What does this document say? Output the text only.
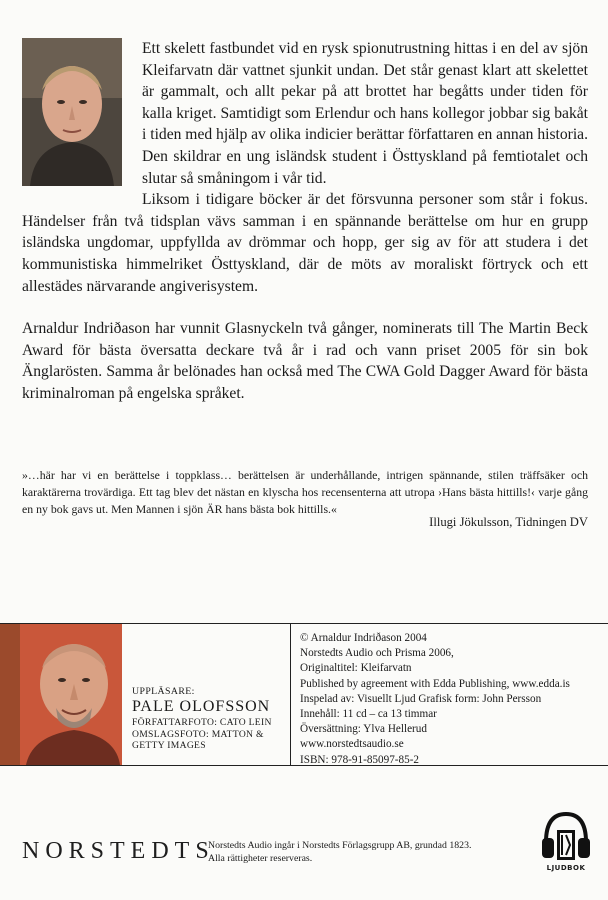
Ett skelett fastbundet vid en rysk spionutrustning hittas i en del av sjön Kleifarvatn där vattnet sjunkit undan. Det står genast klart att skelettet är gammalt, och allt pekar på att brottet har begåtts under tiden för kalla kriget. Samtidigt som Erlendur och hans kollegor jobbar sig bakåt i tiden med hjälp av olika indicier berättar författaren en annan historia. Den skildrar en ung isländsk student i Östtyskland på femtiotalet och slutar så småningom i vår tid.

Liksom i tidigare böcker är det försvunna personer som står i fokus. Händelser från två tidsplan vävs samman i en spännande berättelse om hur en grupp isländska ungdomar, uppfyllda av drömmar och hopp, ger sig av för att studera i det kommunistiska himmelriket Östtyskland, där de möts av moraliskt förtryck och ett allestädes närvarande angiverisystem.

Arnaldur Indriðason har vunnit Glasnyckeln två gånger, nominerats till The Martin Beck Award för bästa översatta deckare två år i rad och vann priset 2005 för sin bok Änglarösten. Samma år belönades han också med The CWA Gold Dagger Award för bästa kriminalroman på engelska språket.

»…här har vi en berättelse i toppklass… berättelsen är underhållande, intrigen spännande, stilen träffsäker och karaktärerna trovärdiga. Ett tag blev det nästan en klyscha hos recensenterna att utropa ›Hans bästa hittills!‹ varje gång en ny bok gavs ut. Men Mannen i sjön ÄR hans bästa bok hittills.«
Illugi Jökulsson, Tidningen DV
UPPLÄSARE:
PALE OLOFSSON
FÖRFATTARFOTO: CATO LEIN
OMSLAGSFOTO: MATTON &
GETTY IMAGES
© Arnaldur Indriðason 2004
Norstedts Audio och Prisma 2006,
Originaltitel: Kleifarvatn
Published by agreement with Edda Publishing, www.edda.is
Inspelad av: Visuellt Ljud Grafisk form: John Persson
Innehåll: 11 cd – ca 13 timmar
Översättning: Ylva Hellerud
www.norstedtsaudio.se
ISBN: 978-91-85097-85-2
NORSTEDTS
Norstedts Audio ingår i Norstedts Förlagsgrupp AB, grundad 1823.
Alla rättigheter reserveras.
LJUDBOK
